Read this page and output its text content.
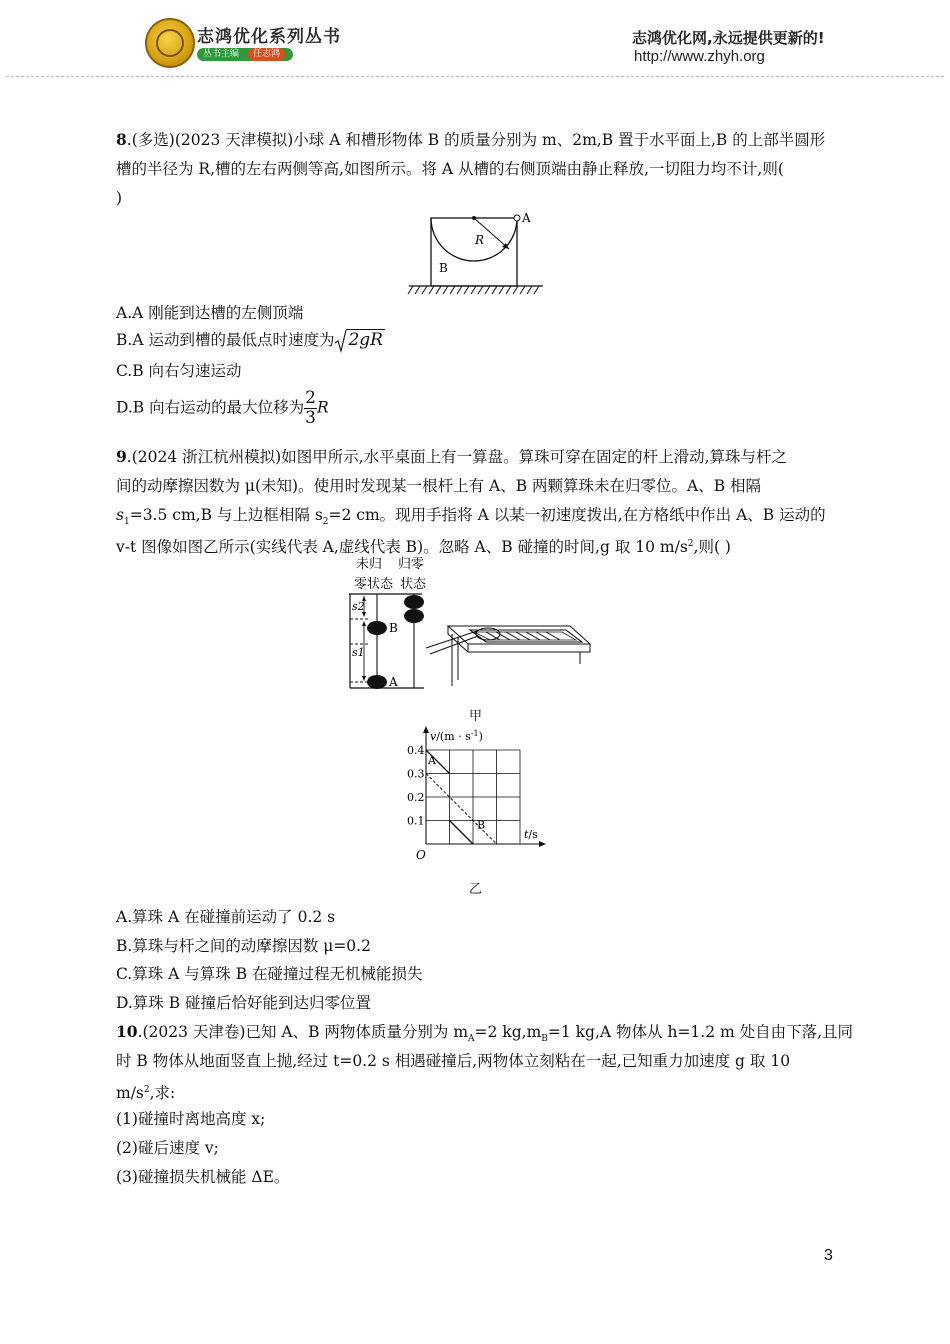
志鸿优化系列丛书
丛书主编	任志鸿
志鸿优化网,永远提供更新的!
http://www.zhyh.org
8.(多选)(2023 天津模拟)小球 A 和槽形物体 B 的质量分别为 m、2m,B 置于水平面上,B 的上部半圆形
槽的半径为 R,槽的左右两侧等高,如图所示。将 A 从槽的右侧顶端由静止释放,一切阻力均不计,则(
)
A
B
R
A.A 刚能到达槽的左侧顶端
B.A 运动到槽的最低点时速度为 2gR
C.B 向右匀速运动
D.B 向右运动的最大位移为 $\frac{2}{3}$ R
9.(2024 浙江杭州模拟)如图甲所示,水平桌面上有一算盘。算珠可穿在固定的杆上滑动,算珠与杆之
间的动摩擦因数为 μ(未知)。使用时发现某一根杆上有 A、B 两颗算珠未在归零位。A、B 相隔
$s_1=3.5$ cm,B 与上边框相隔 $s_2=2$ cm。现用手指将 A 以某一初速度拨出,在方格纸中作出 A、B 运动的
v-t 图像如图乙所示(实线代表 A,虚线代表 B)。忽略 A、B 碰撞的时间,g 取 10 $m/s^2$,则( )
未归 归零
零状态 状态
s2
s1
B
A
甲
$v/(m \cdot s^{-1})$
t/s
O
0.4
0.3
0.2
0.1
A
B
乙
A.算珠 A 在碰撞前运动了 0.2 s
B.算珠与杆之间的动摩擦因数 μ=0.2
C.算珠 A 与算珠 B 在碰撞过程无机械能损失
D.算珠 B 碰撞后恰好能到达归零位置
10.(2023 天津卷)已知 A、B 两物体质量分别为 $m_A=2$ $kg,m_B=1$ kg,A 物体从 h=1.2 m 处自由下落,且同
时 B 物体从地面竖直上抛,经过 t=0.2 s 相遇碰撞后,两物体立刻粘在一起,已知重力加速度 g 取 10
$m/s^2$,求:
(1)碰撞时离地高度 x;
(2)碰后速度 v;
(3)碰撞损失机械能 ΔE。
3
